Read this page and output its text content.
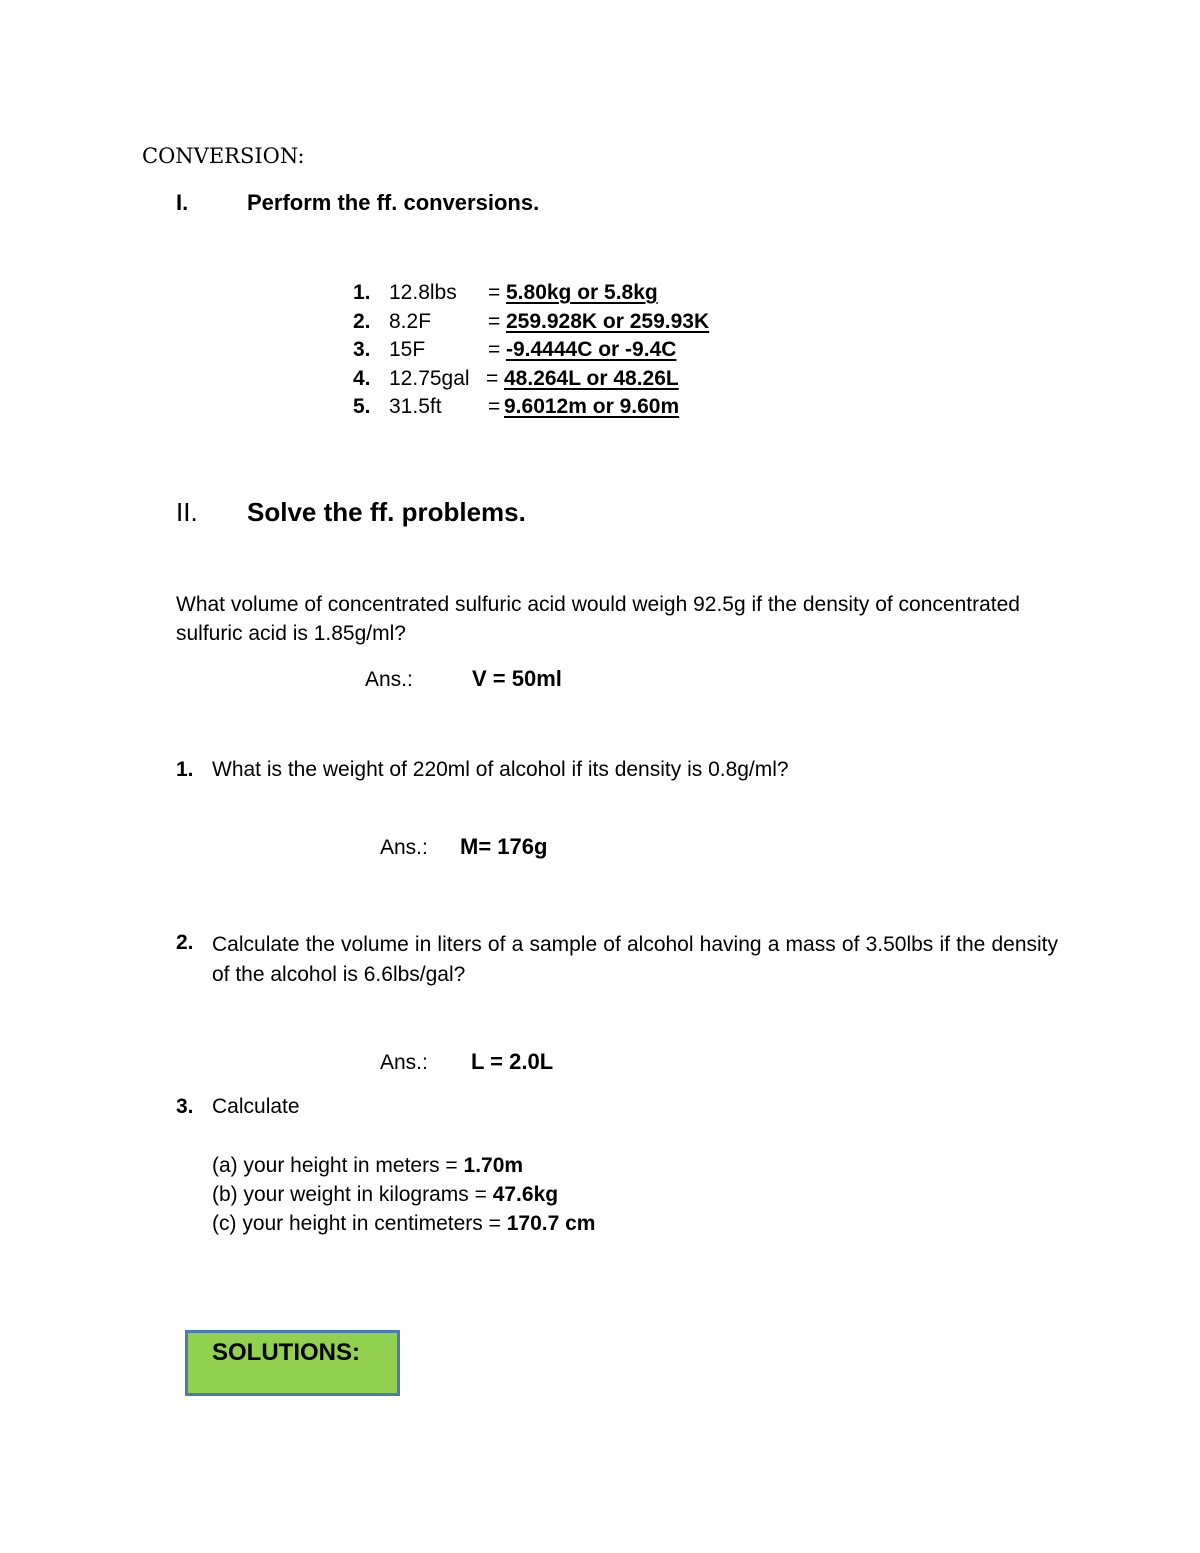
CONVERSION:
I.	Perform the ff. conversions.
1. 12.8lbs = 5.80kg or 5.8kg
2. 8.2F	= 259.928K or 259.93K
3. 15F	= -9.4444C or -9.4C
4. 12.75gal = 48.264L or 48.26L
5. 31.5ft = 9.6012m or 9.60m
II. Solve the ff. problems.
What volume of concentrated sulfuric acid would weigh 92.5g if the density of concentrated sulfuric acid is 1.85g/ml?
Ans.:	V = 50ml
1. What is the weight of 220ml of alcohol if its density is 0.8g/ml?
Ans.: M= 176g
2. Calculate the volume in liters of a sample of alcohol having a mass of 3.50lbs if the density of the alcohol is 6.6lbs/gal?
Ans.: L = 2.0L
3. Calculate
(a) your height in meters = 1.70m
(b) your weight in kilograms = 47.6kg
(c) your height in centimeters = 170.7 cm
SOLUTIONS:
